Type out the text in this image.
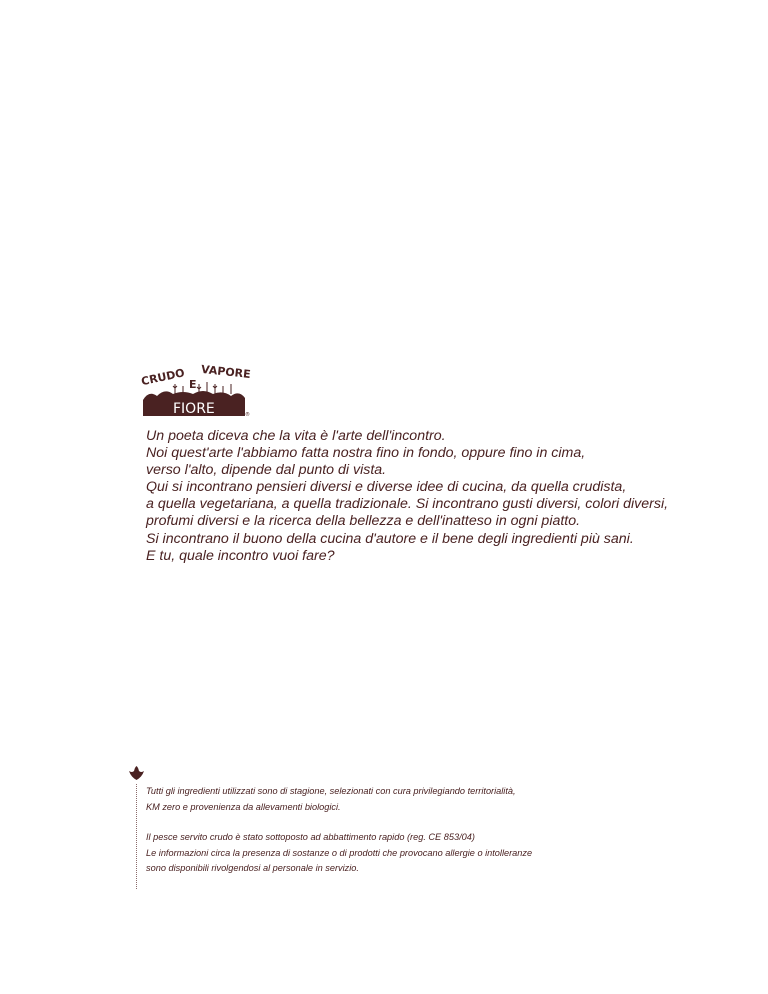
CRUDO E
VAPORE
FIORE	®
Un poeta diceva che la vita è l'arte dell'incontro.
Noi quest'arte l'abbiamo fatta nostra fino in fondo, oppure fino in cima,
verso l'alto, dipende dal punto di vista.
Qui si incontrano pensieri diversi e diverse idee di cucina, da quella crudista,
a quella vegetariana, a quella tradizionale. Si incontrano gusti diversi, colori diversi,
profumi diversi e la ricerca della bellezza e dell'inatteso in ogni piatto.
Si incontrano il buono della cucina d'autore e il bene degli ingredienti più sani.
E tu, quale incontro vuoi fare?
Tutti gli ingredienti utilizzati sono di stagione, selezionati con cura privilegiando territorialità,
KM zero e provenienza da allevamenti biologici.
Il pesce servito crudo è stato sottoposto ad abbattimento rapido (reg. CE 853/04)
Le informazioni circa la presenza di sostanze o di prodotti che provocano allergie o intolleranze
sono disponibili rivolgendosi al personale in servizio.
